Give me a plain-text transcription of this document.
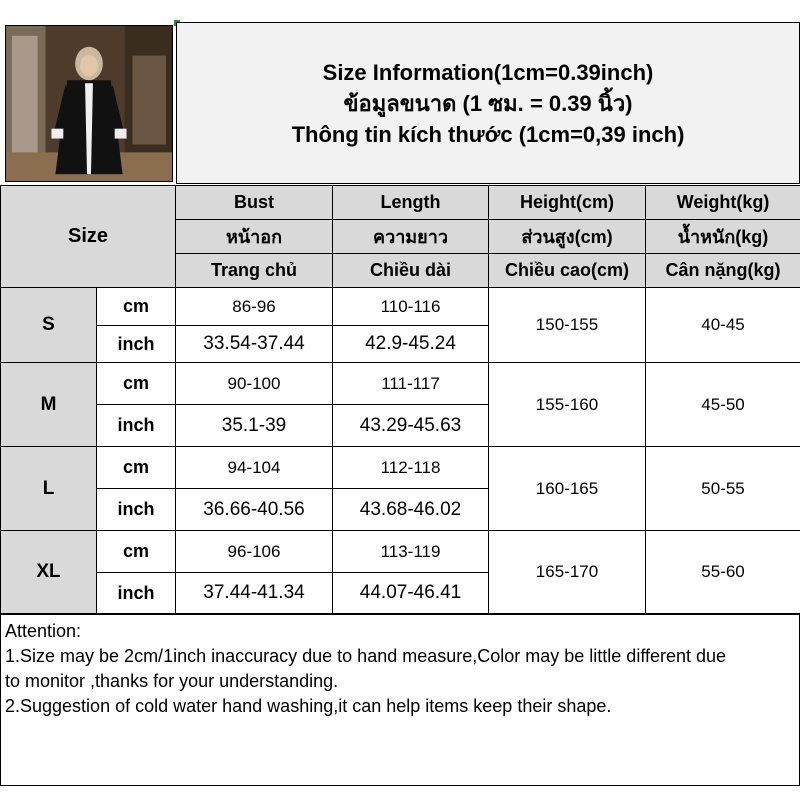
Size Information(1cm=0.39inch)
ข้อมูลขนาด (1 ซม. = 0.39 นิ้ว)
Thông tin kích thước (1cm=0,39 inch)
Size		Bust	Length	Height(cm)	Weight(kg)
		หน้าอก	ความยาว	ส่วนสูง(cm)	น้ำหนัก(kg)
		Trang chủ	Chiều dài	Chiều cao(cm)	Cân nặng(kg)
S	cm	86-96	110-116	150-155	40-45
	inch	33.54-37.44	42.9-45.24		
M	cm	90-100	111-117	155-160	45-50
	inch	35.1-39	43.29-45.63		
L	cm	94-104	112-118	160-165	50-55
	inch	36.66-40.56	43.68-46.02		
XL	cm	96-106	113-119	165-170	55-60
	inch	37.44-41.34	44.07-46.41		

Attention:

1.Size may be 2cm/1inch inaccuracy due to hand measure,Color may be little different due

to monitor ,thanks for your understanding.

2.Suggestion of cold water hand washing,it can help items keep their shape.
